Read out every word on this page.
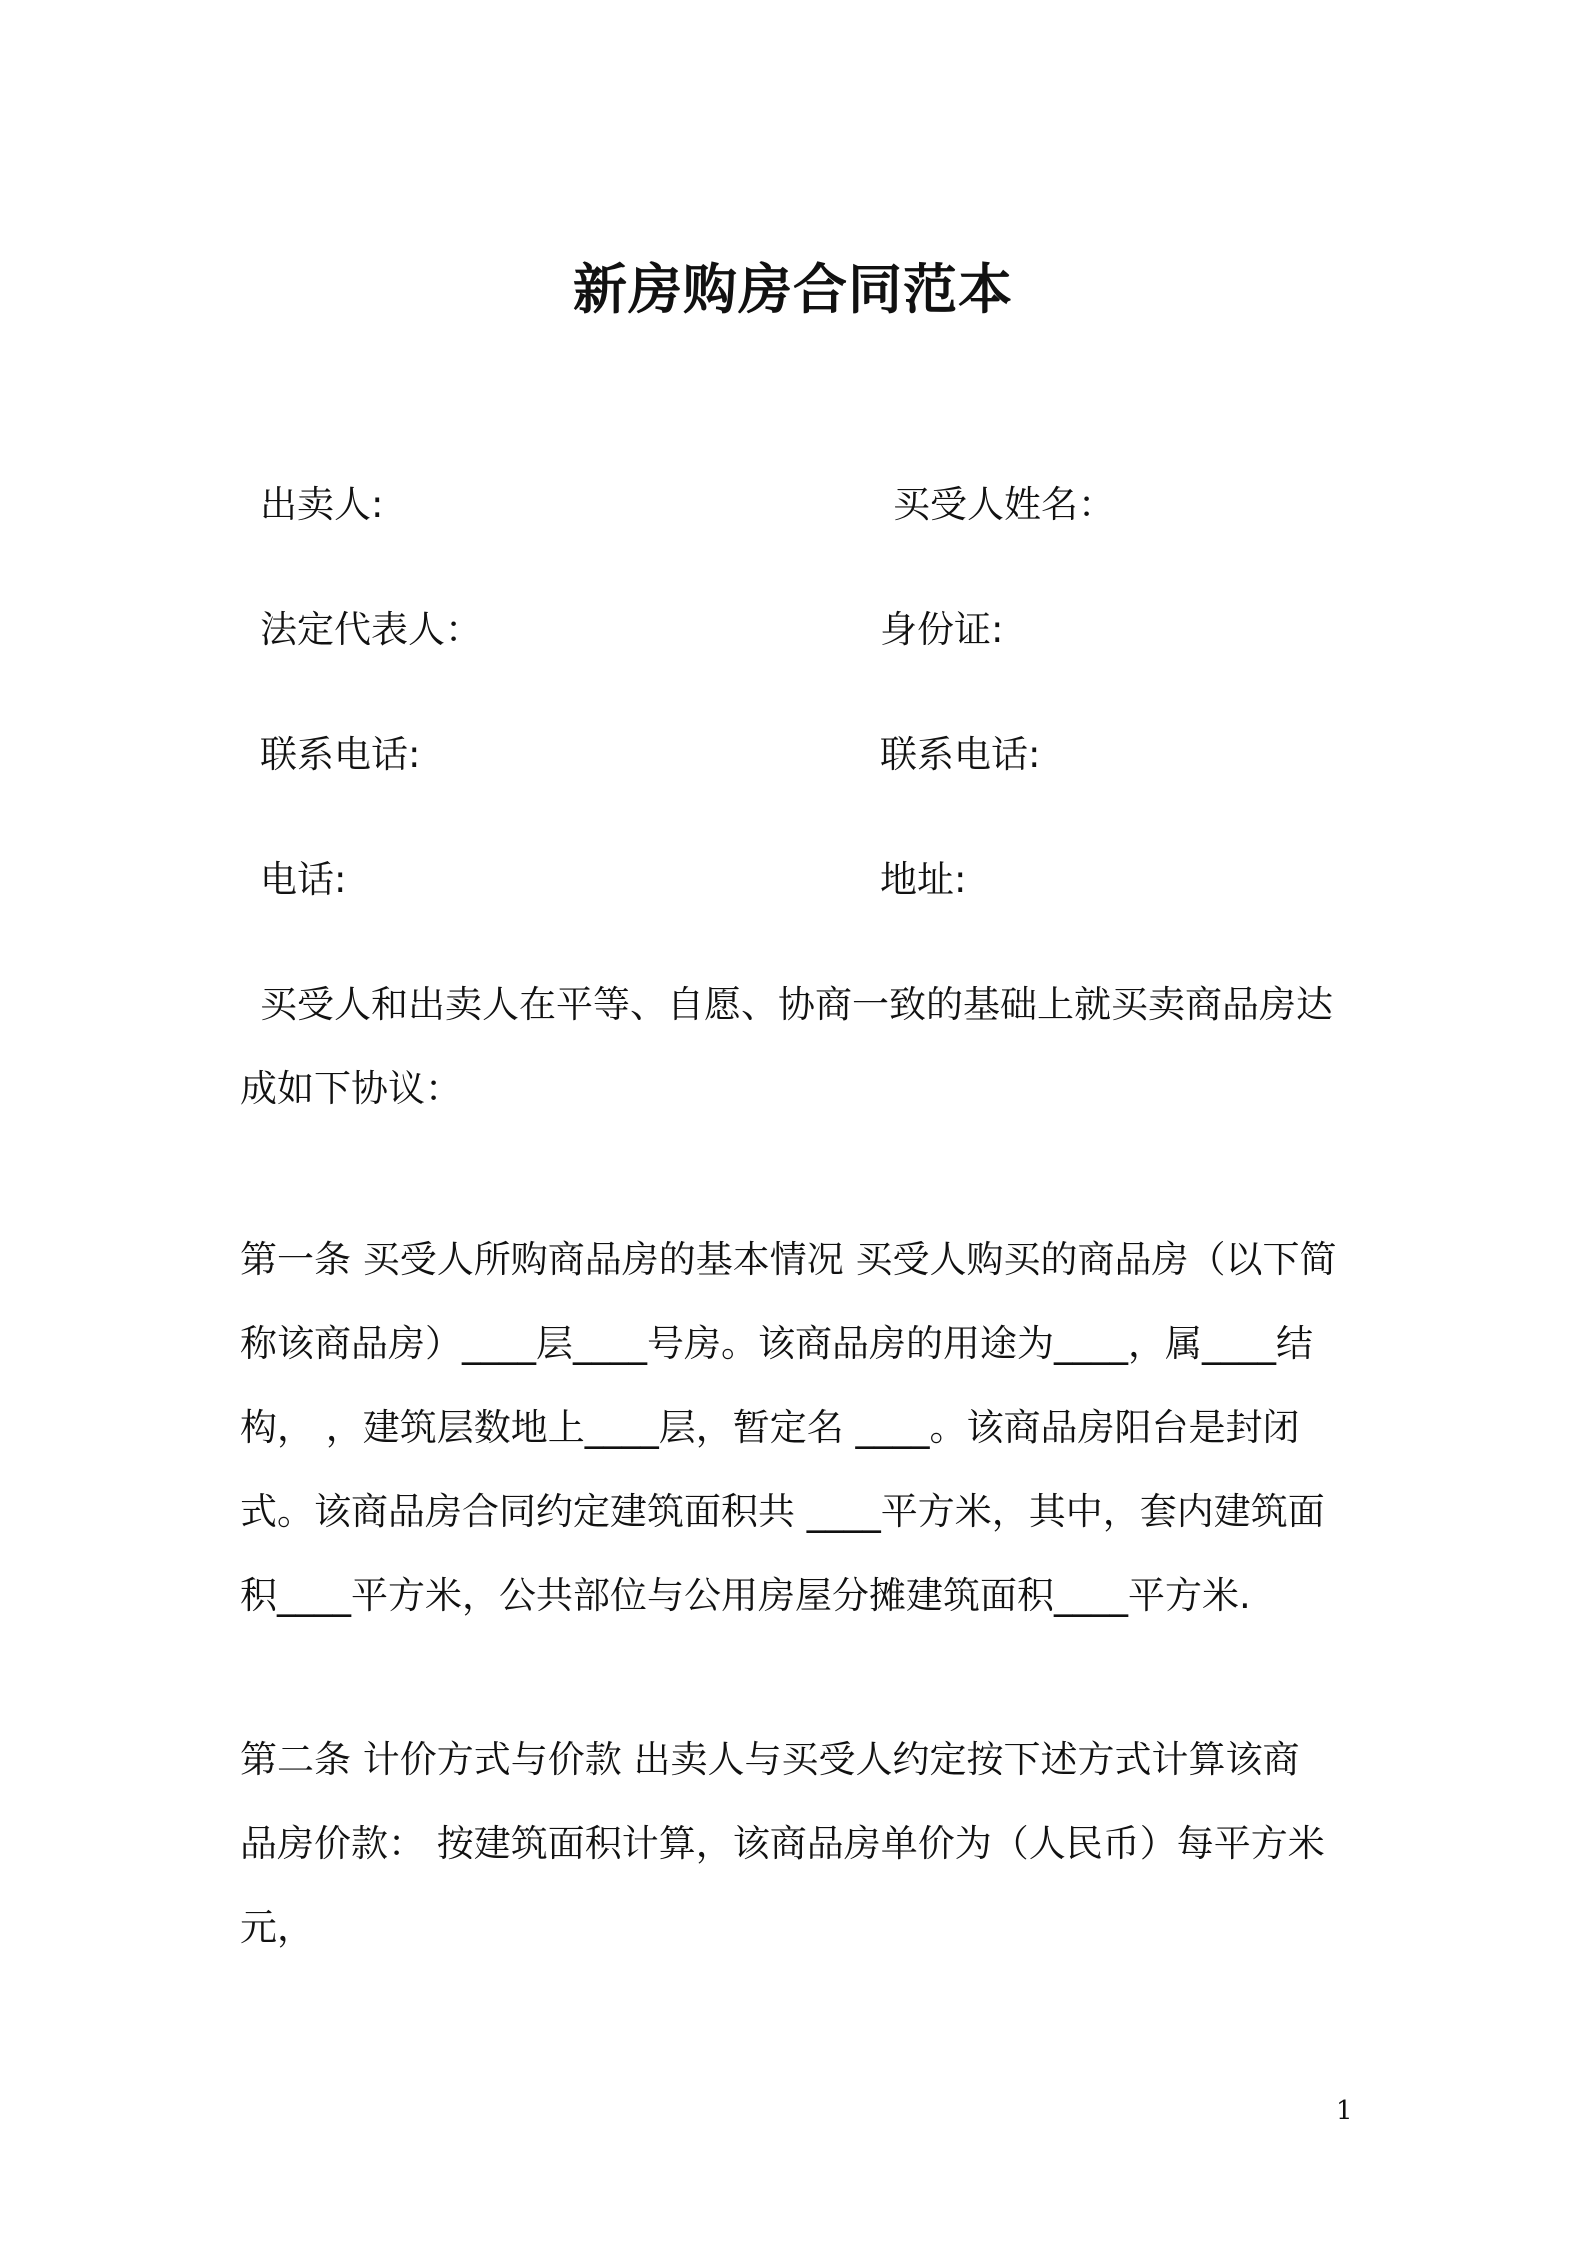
新房购房合同范本
出卖人:	买受人姓名：
法定代表人：	身份证:
联系电话:	联系电话:
电话:	地址:
买受人和出卖人在平等、自愿、协商一致的基础上就买卖商品房达
成如下协议：
第一条 买受人所购商品房的基本情况 买受人购买的商品房（以下简
称该商品房）____层____号房。该商品房的用途为____，属____结
构， ，建筑层数地上____层，暂定名 ____。该商品房阳台是封闭
式。该商品房合同约定建筑面积共 ____平方米，其中，套内建筑面
积____平方米，公共部位与公用房屋分摊建筑面积____平方米.
第二条 计价方式与价款 出卖人与买受人约定按下述方式计算该商
品房价款： 按建筑面积计算，该商品房单价为（人民币）每平方米
元，
1
